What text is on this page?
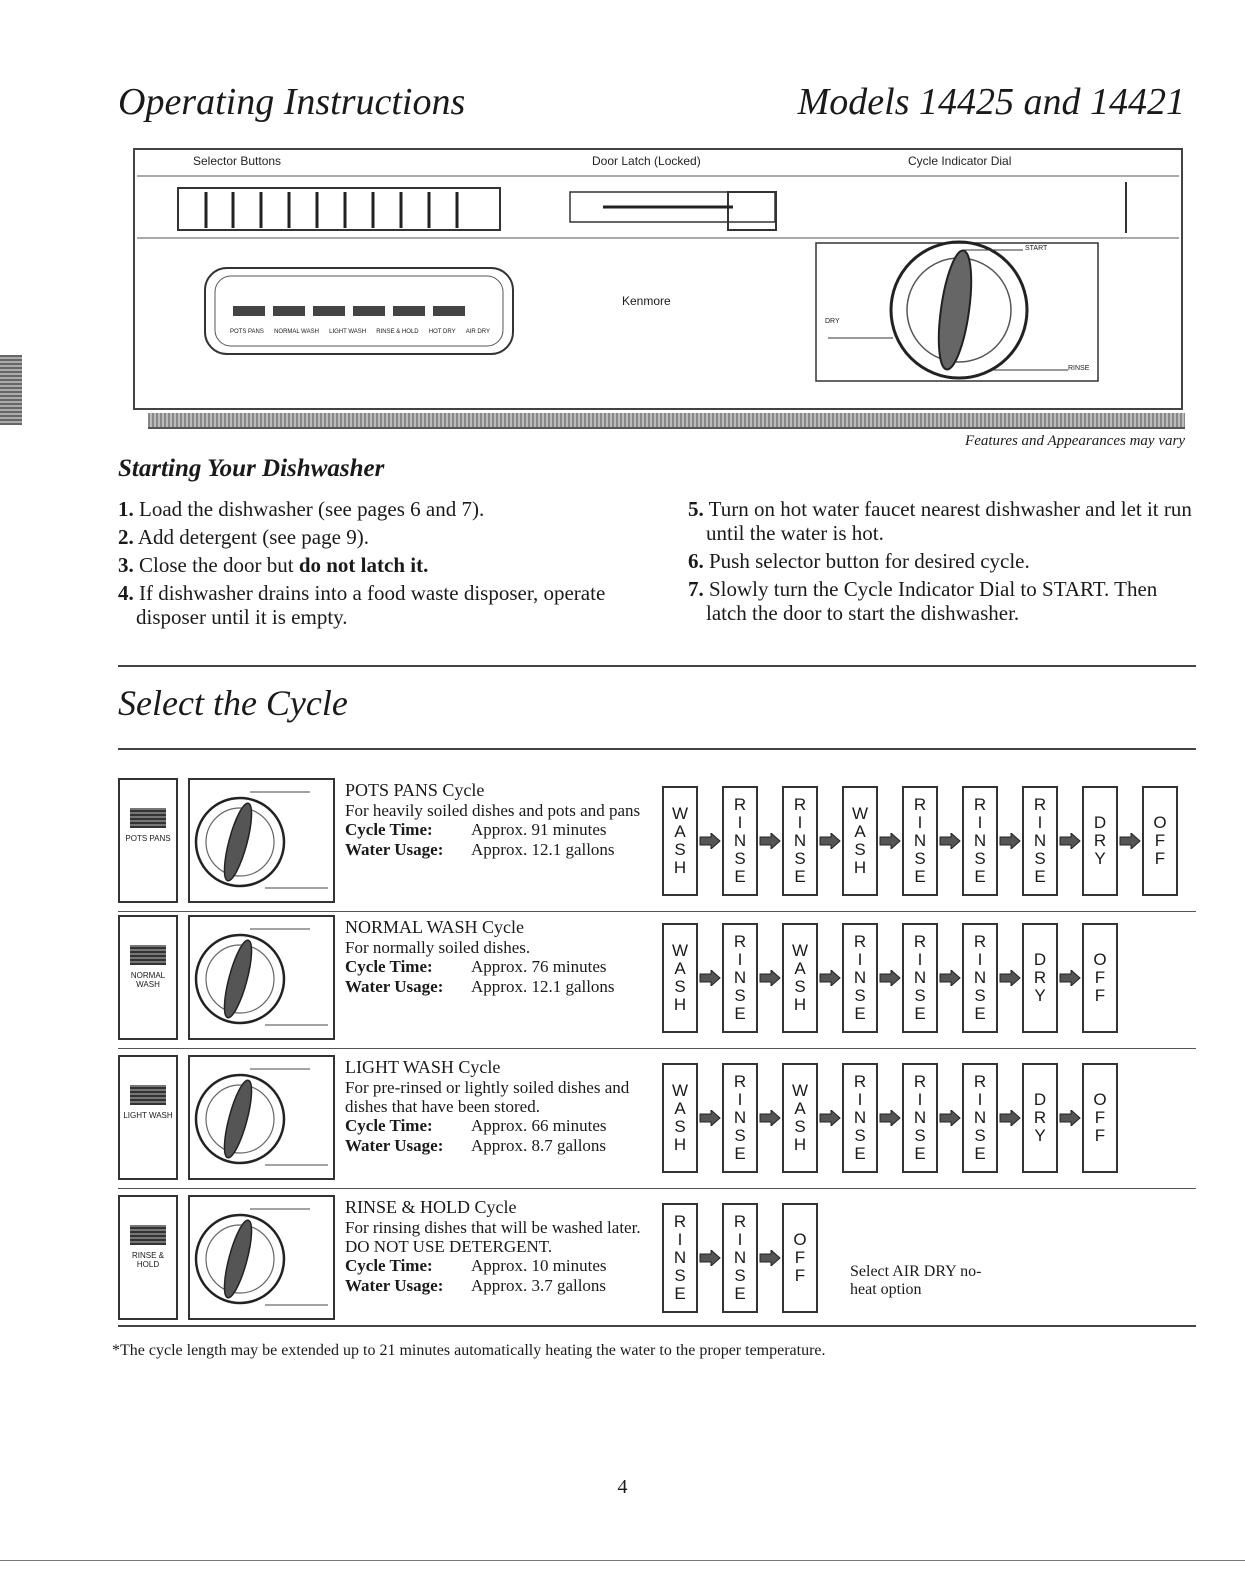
Operating Instructions	Models 14425 and 14421
Selector Buttons	Door Latch (Locked)	Cycle Indicator Dial
Kenmore
START
DRY
RINSE
POTS PANS NORMAL WASH LIGHT WASH RINSE & HOLD HOT DRY AIR DRY
Features and Appearances may vary
Starting Your Dishwasher
1. Load the dishwasher (see pages 6 and 7).
2. Add detergent (see page 9).
3. Close the door but do not latch it.
4. If dishwasher drains into a food waste disposer, operate disposer until it is empty.
5. Turn on hot water faucet nearest dishwasher and let it run until the water is hot.
6. Push selector button for desired cycle.
7. Slowly turn the Cycle Indicator Dial to START. Then latch the door to start the dishwasher.
Select the Cycle
POTS PANS
POTS PANS Cycle
For heavily soiled dishes and pots and pans
Cycle Time: Approx. 91 minutes
Water Usage: Approx. 12.1 gallons
W
A
S
H
R
I
N
S
E
R
I
N
S
E
W
A
S
H
R
I
N
S
E
R
I
N
S
E
R
I
N
S
E
D
R
Y
O
F
F
NORMAL WASH
NORMAL WASH Cycle
For normally soiled dishes.
Cycle Time: Approx. 76 minutes
Water Usage: Approx. 12.1 gallons
W
A
S
H
R
I
N
S
E
W
A
S
H
R
I
N
S
E
R
I
N
S
E
R
I
N
S
E
D
R
Y
O
F
F
LIGHT WASH
LIGHT WASH Cycle
For pre-rinsed or lightly soiled dishes and dishes that have been stored.
Cycle Time: Approx. 66 minutes
Water Usage: Approx. 8.7 gallons
W
A
S
H
R
I
N
S
E
W
A
S
H
R
I
N
S
E
R
I
N
S
E
R
I
N
S
E
D
R
Y
O
F
F
RINSE & HOLD
RINSE & HOLD Cycle
For rinsing dishes that will be washed later. DO NOT USE DETERGENT.
Cycle Time: Approx. 10 minutes
Water Usage: Approx. 3.7 gallons
R
I
N
S
E
R
I
N
S
E
O
F
F	Select AIR DRY no-heat option
*The cycle length may be extended up to 21 minutes automatically heating the water to the proper temperature.
4
